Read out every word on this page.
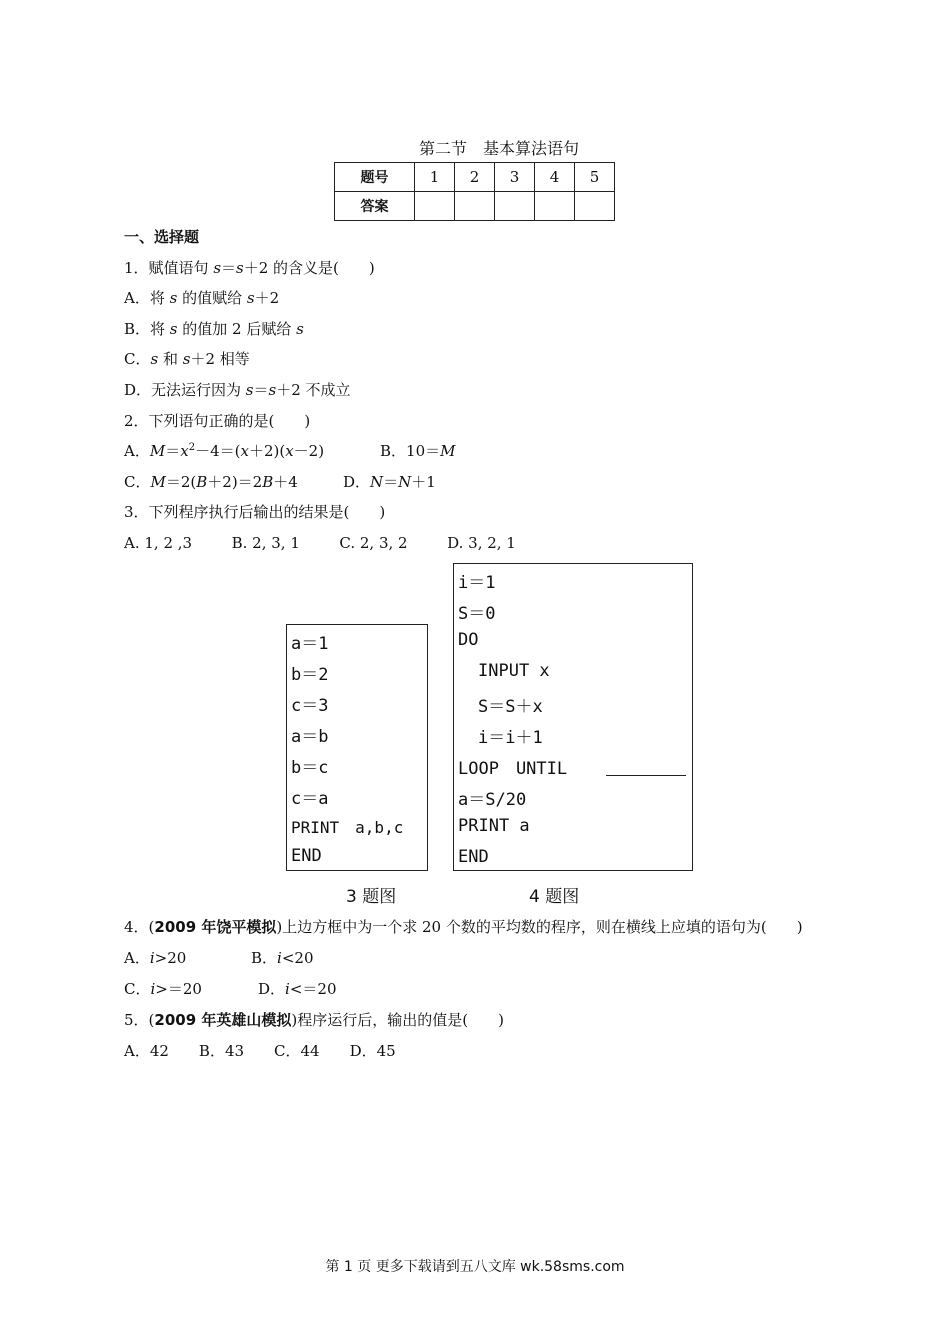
第二节　基本算法语句
题号	1	2	3	4	5
答案					
一、选择题
1．赋值语句 s＝s＋2 的含义是(　　)
A．将 s 的值赋给 s＋2
B．将 s 的值加 2 后赋给 s
C．s 和 s＋2 相等
D．无法运行因为 s＝s＋2 不成立
2．下列语句正确的是(　　)
A．$M=x^2-4=(x+2)(x-2)$	B．10＝M
C．M＝2(B＋2)＝2B＋4	D．N＝N＋1
3．下列程序执行后输出的结果是(　　)
A. 1, 2 ,3　　  B. 2, 3, 1　　  C. 2, 3, 2　　  D. 3, 2, 1
a＝1
b＝2
c＝3
a＝b
b＝c
c＝a
PRINT　a,b,c
END
3 题图
i＝1
S＝0
DO
INPUT x
S＝S＋x
i＝i＋1
LOOP　UNTIL
a＝S/20
PRINT a
END
4 题图
4．(2009 年饶平模拟)上边方框中为一个求 20 个数的平均数的程序，则在横线上应填的语句为(　　)
A．i>20	B．i<20
C．i>＝20	D．i<＝20
5．(2009 年英雄山模拟)程序运行后，输出的值是(　　)
A．42　　B．43　　C．44　　D．45
第 1 页 更多下载请到五八文库 wk.58sms.com
